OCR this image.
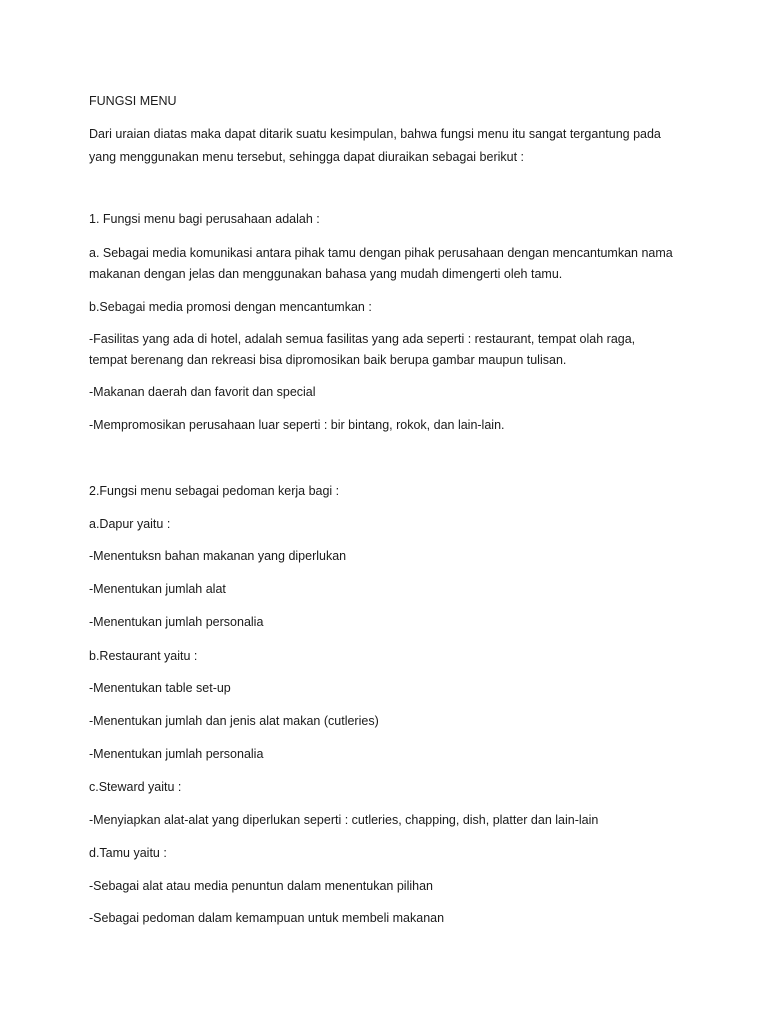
FUNGSI MENU
Dari uraian diatas maka dapat ditarik suatu kesimpulan, bahwa fungsi menu itu sangat tergantung pada
yang menggunakan menu tersebut, sehingga dapat diuraikan sebagai berikut :
1. Fungsi menu bagi perusahaan adalah :
a. Sebagai media komunikasi antara pihak tamu dengan pihak perusahaan dengan mencantumkan nama
makanan dengan jelas dan menggunakan bahasa yang mudah dimengerti oleh tamu.
b.Sebagai media promosi dengan mencantumkan :
-Fasilitas yang ada di hotel, adalah semua fasilitas yang ada seperti : restaurant, tempat olah raga,
tempat berenang dan rekreasi bisa dipromosikan baik berupa gambar maupun tulisan.
-Makanan daerah dan favorit dan special
-Mempromosikan perusahaan luar seperti : bir bintang, rokok, dan lain-lain.
2.Fungsi menu sebagai pedoman kerja bagi :
a.Dapur yaitu :
-Menentuksn bahan makanan yang diperlukan
-Menentukan jumlah alat
-Menentukan jumlah personalia
b.Restaurant yaitu :
-Menentukan table set-up
-Menentukan jumlah dan jenis alat makan (cutleries)
-Menentukan jumlah personalia
c.Steward yaitu :
-Menyiapkan alat-alat yang diperlukan seperti : cutleries, chapping, dish, platter dan lain-lain
d.Tamu yaitu :
-Sebagai alat atau media penuntun dalam menentukan pilihan
-Sebagai pedoman dalam kemampuan untuk membeli makanan
